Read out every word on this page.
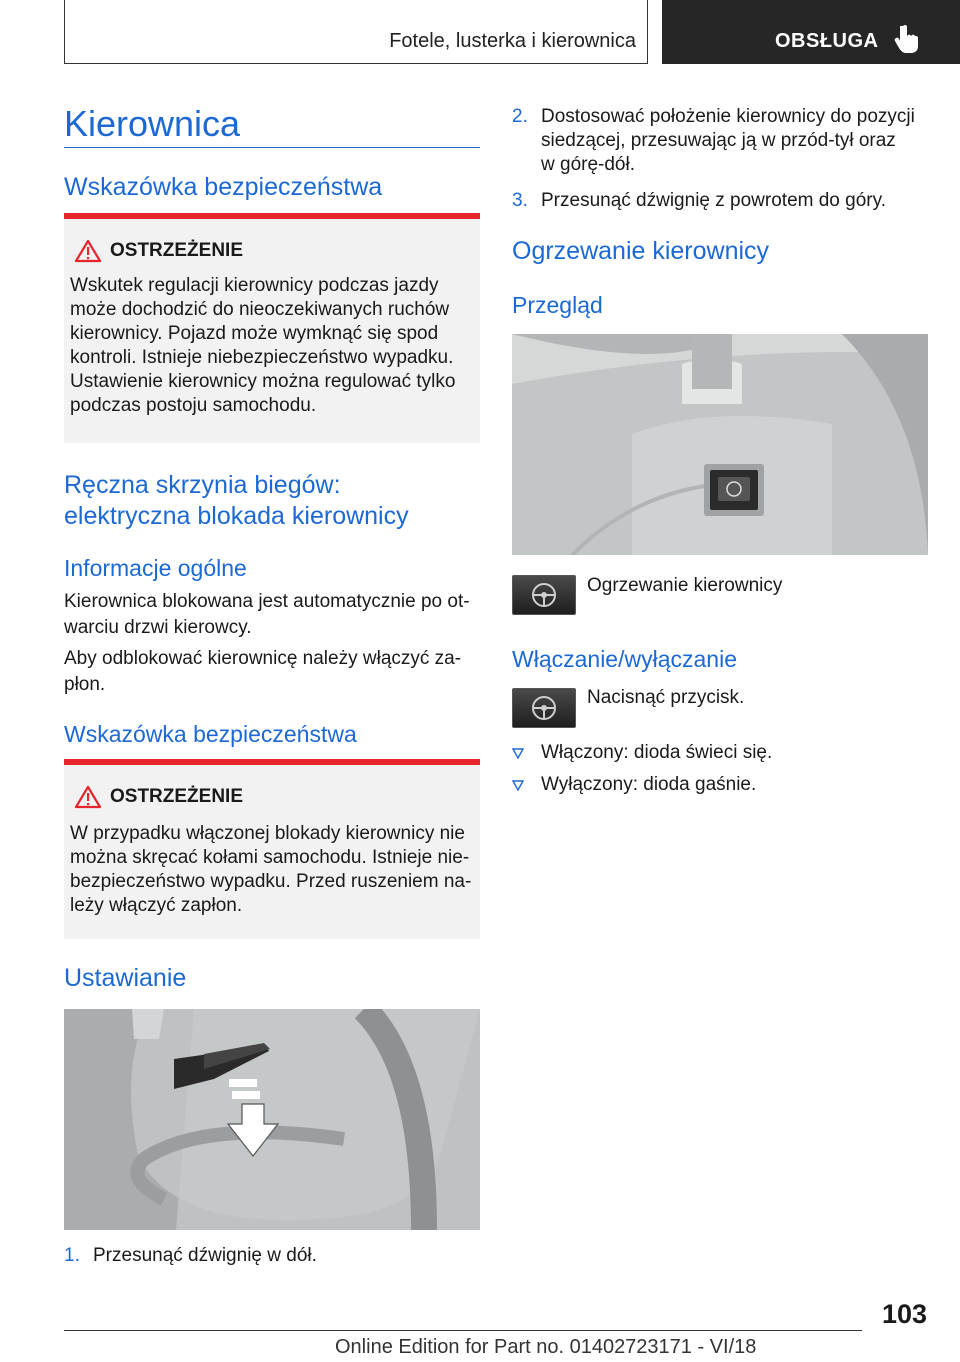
Fotele, lusterka i kierownica	OBSŁUGA
Kierownica
Wskazówka bezpieczeństwa
OSTRZEŻENIE
Wskutek regulacji kierownicy podczas jazdy
może dochodzić do nieoczekiwanych ruchów
kierownicy. Pojazd może wymknąć się spod
kontroli. Istnieje niebezpieczeństwo wypadku.
Ustawienie kierownicy można regulować tylko
podczas postoju samochodu.
Ręczna skrzynia biegów:
elektryczna blokada kierownicy
Informacje ogólne
Kierownica blokowana jest automatycznie po ot-
warciu drzwi kierowcy.
Aby odblokować kierownicę należy włączyć za-
płon.
Wskazówka bezpieczeństwa
OSTRZEŻENIE
W przypadku włączonej blokady kierownicy nie
można skręcać kołami samochodu. Istnieje nie-
bezpieczeństwo wypadku. Przed ruszeniem na-
leży włączyć zapłon.
Ustawianie
1. Przesunąć dźwignię w dół.
2. Dostosować położenie kierownicy do pozycji
siedzącej, przesuwając ją w przód-tył oraz
w górę-dół.
3. Przesunąć dźwignię z powrotem do góry.
Ogrzewanie kierownicy
Przegląd
Ogrzewanie kierownicy
Włączanie/wyłączanie
Nacisnąć przycisk.
Włączony: dioda świeci się.
Wyłączony: dioda gaśnie.
103
Online Edition for Part no. 01402723171 - VI/18
